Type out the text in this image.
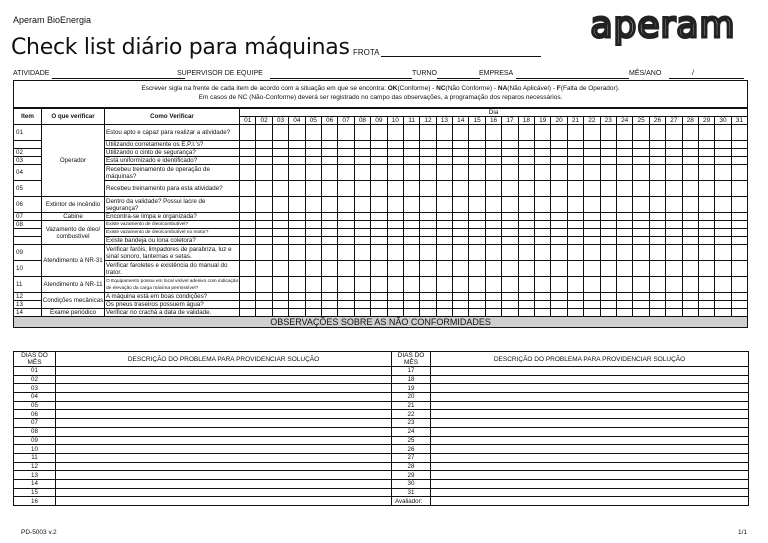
Aperam BioEnergia
Check list diário para máquinas FROTA
aperam
ATIVIDADE	SUPERVISOR DE EQUIPE	TURNO	EMPRESA	MÊS/ANO	/
Escrever sigla na frente de cada item de acordo com a situação em que se encontra: OK(Conforme) - NC(Não Conforme) - NA(Não Aplicável) - F(Falta de Operador).
Em casos de NC (Não-Conforme) deverá ser registrado no campo das observações, a programação dos reparos necessários.
Item	O que verificar	Como Verificar	Dia																														
			01	02	03	04	05	06	07	08	09	10	11	12	13	14	15	16	17	18	19	20	21	22	23	24	25	26	27	28	29	30	31
01	Operador	Estou apto e capaz para realizar a atividade?																															
		Utilizando corretamente os E.P.I.'s?																															
02		Utilizando o cinto de segurança?																															
03		Está uniformizado e identificado?																															
04		Recebeu treinamento de operação de máquinas?																															
05		Recebeu treinamento para esta atividade?																															
06	Extintor de incêndio	Dentro da validade? Possui lacre de segurança?																															
07	Cabine	Encontra-se limpa e organizada?																															
08	Vazamento de óleo/ combustível	Existe vazamento de óleo/combutível?																															
		Existe vazamento de óleo/combutível no motor?																															
		Existe bandeja ou lona coletora?																															
09	Atendimento à NR-31	Verificar faróis, limpadores de parabriza, luz e sinal sonoro, lanternas e setas.																															
10		Verificar faroletes e existência do manual do trator.																															
11	Atendimento à NR-11	O Equipamento possui em local visível adesivo com indicação de elevação da carga máxima permissível?																															
12	Condições mecânicas	A máquina está em boas condições?																															
13		Os pneus traseiros possuem água?																															
14	Exame periódico	Verificar no crachá a data de validade.																															
OBSERVAÇÕES SOBRE AS NÃO CONFORMIDADES																																	
DIAS DO MÊS	DESCRIÇÃO DO PROBLEMA PARA PROVIDENCIAR SOLUÇÃO	DIAS DO MÊS	DESCRIÇÃO DO PROBLEMA PARA PROVIDENCIAR SOLUÇÃO
01		17	
02		18	
03		19	
04		20	
05		21	
06		22	
07		23	
08		24	
09		25	
10		26	
11		27	
12		28	
13		29	
14		30	
15		31	
16		Avaliador:	
PD-5003 v.2	1/1
